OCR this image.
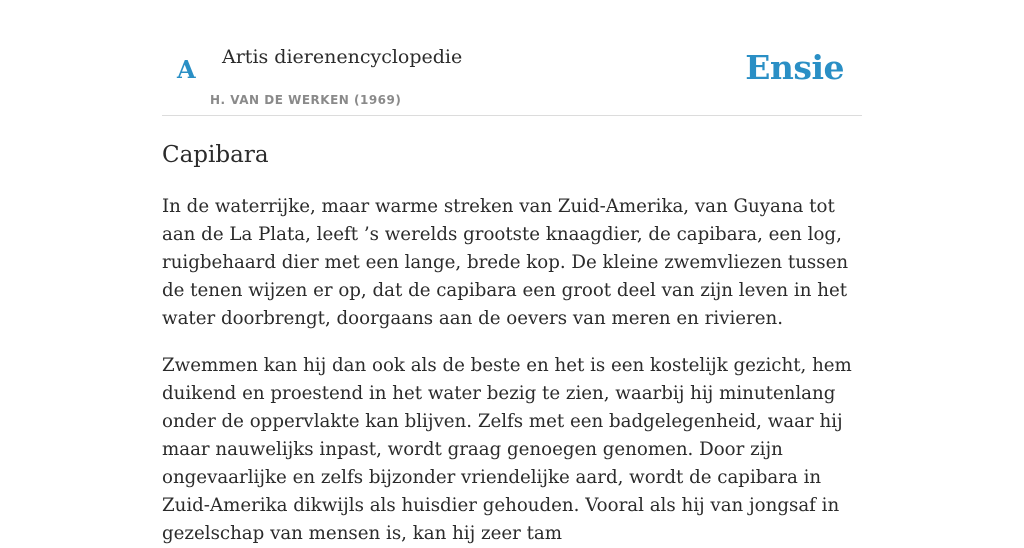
A Artis dierenencyclopedie
H. VAN DE WERKEN (1969)
Ensie
Capibara

In de waterrijke, maar warme streken van Zuid-Amerika, van Guyana tot aan de La Plata, leeft ’s werelds grootste knaagdier, de capibara, een log, ruigbehaard dier met een lange, brede kop. De kleine zwemvliezen tussen de tenen wijzen er op, dat de capibara een groot deel van zijn leven in het water doorbrengt, doorgaans aan de oevers van meren en rivieren.

Zwemmen kan hij dan ook als de beste en het is een kostelijk gezicht, hem duikend en proestend in het water bezig te zien, waarbij hij minutenlang onder de oppervlakte kan blijven. Zelfs met een badgelegenheid, waar hij maar nauwelijks inpast, wordt graag genoegen genomen. Door zijn ongevaarlijke en zelfs bijzonder vriendelijke aard, wordt de capibara in Zuid-Amerika dikwijls als huisdier gehouden. Vooral als hij van jongsaf in gezelschap van mensen is, kan hij zeer tam
